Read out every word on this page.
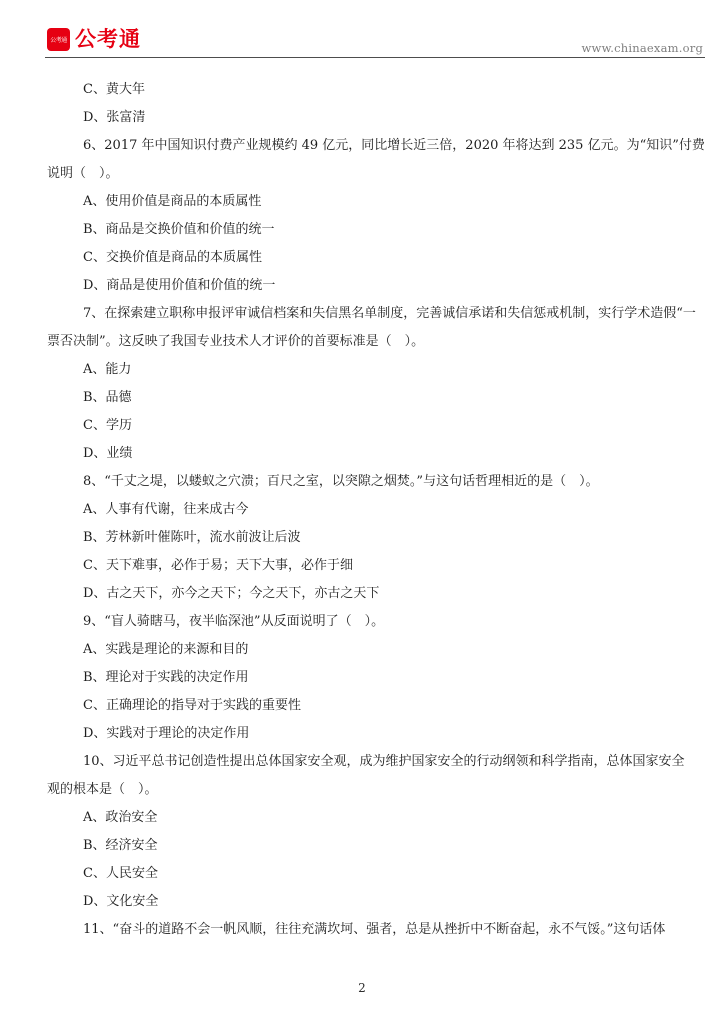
公考通 公考通	www.chinaexam.org
C、黄大年
D、张富清
6、2017 年中国知识付费产业规模约 49 亿元，同比增长近三倍，2020 年将达到 235 亿元。为“知识”付费
说明（　）。
A、使用价值是商品的本质属性
B、商品是交换价值和价值的统一
C、交换价值是商品的本质属性
D、商品是使用价值和价值的统一
7、在探索建立职称申报评审诚信档案和失信黑名单制度，完善诚信承诺和失信惩戒机制，实行学术造假“一
票否决制”。这反映了我国专业技术人才评价的首要标准是（　）。
A、能力
B、品德
C、学历
D、业绩
8、“千丈之堤，以蝼蚁之穴溃；百尺之室，以突隙之烟焚。”与这句话哲理相近的是（　）。
A、人事有代谢，往来成古今
B、芳林新叶催陈叶，流水前波让后波
C、天下难事，必作于易；天下大事，必作于细
D、古之天下，亦今之天下；今之天下，亦古之天下
9、“盲人骑瞎马，夜半临深池”从反面说明了（　）。
A、实践是理论的来源和目的
B、理论对于实践的决定作用
C、正确理论的指导对于实践的重要性
D、实践对于理论的决定作用
10、习近平总书记创造性提出总体国家安全观，成为维护国家安全的行动纲领和科学指南，总体国家安全
观的根本是（　）。
A、政治安全
B、经济安全
C、人民安全
D、文化安全
11、“奋斗的道路不会一帆风顺，往往充满坎坷、强者，总是从挫折中不断奋起，永不气馁。”这句话体
2
